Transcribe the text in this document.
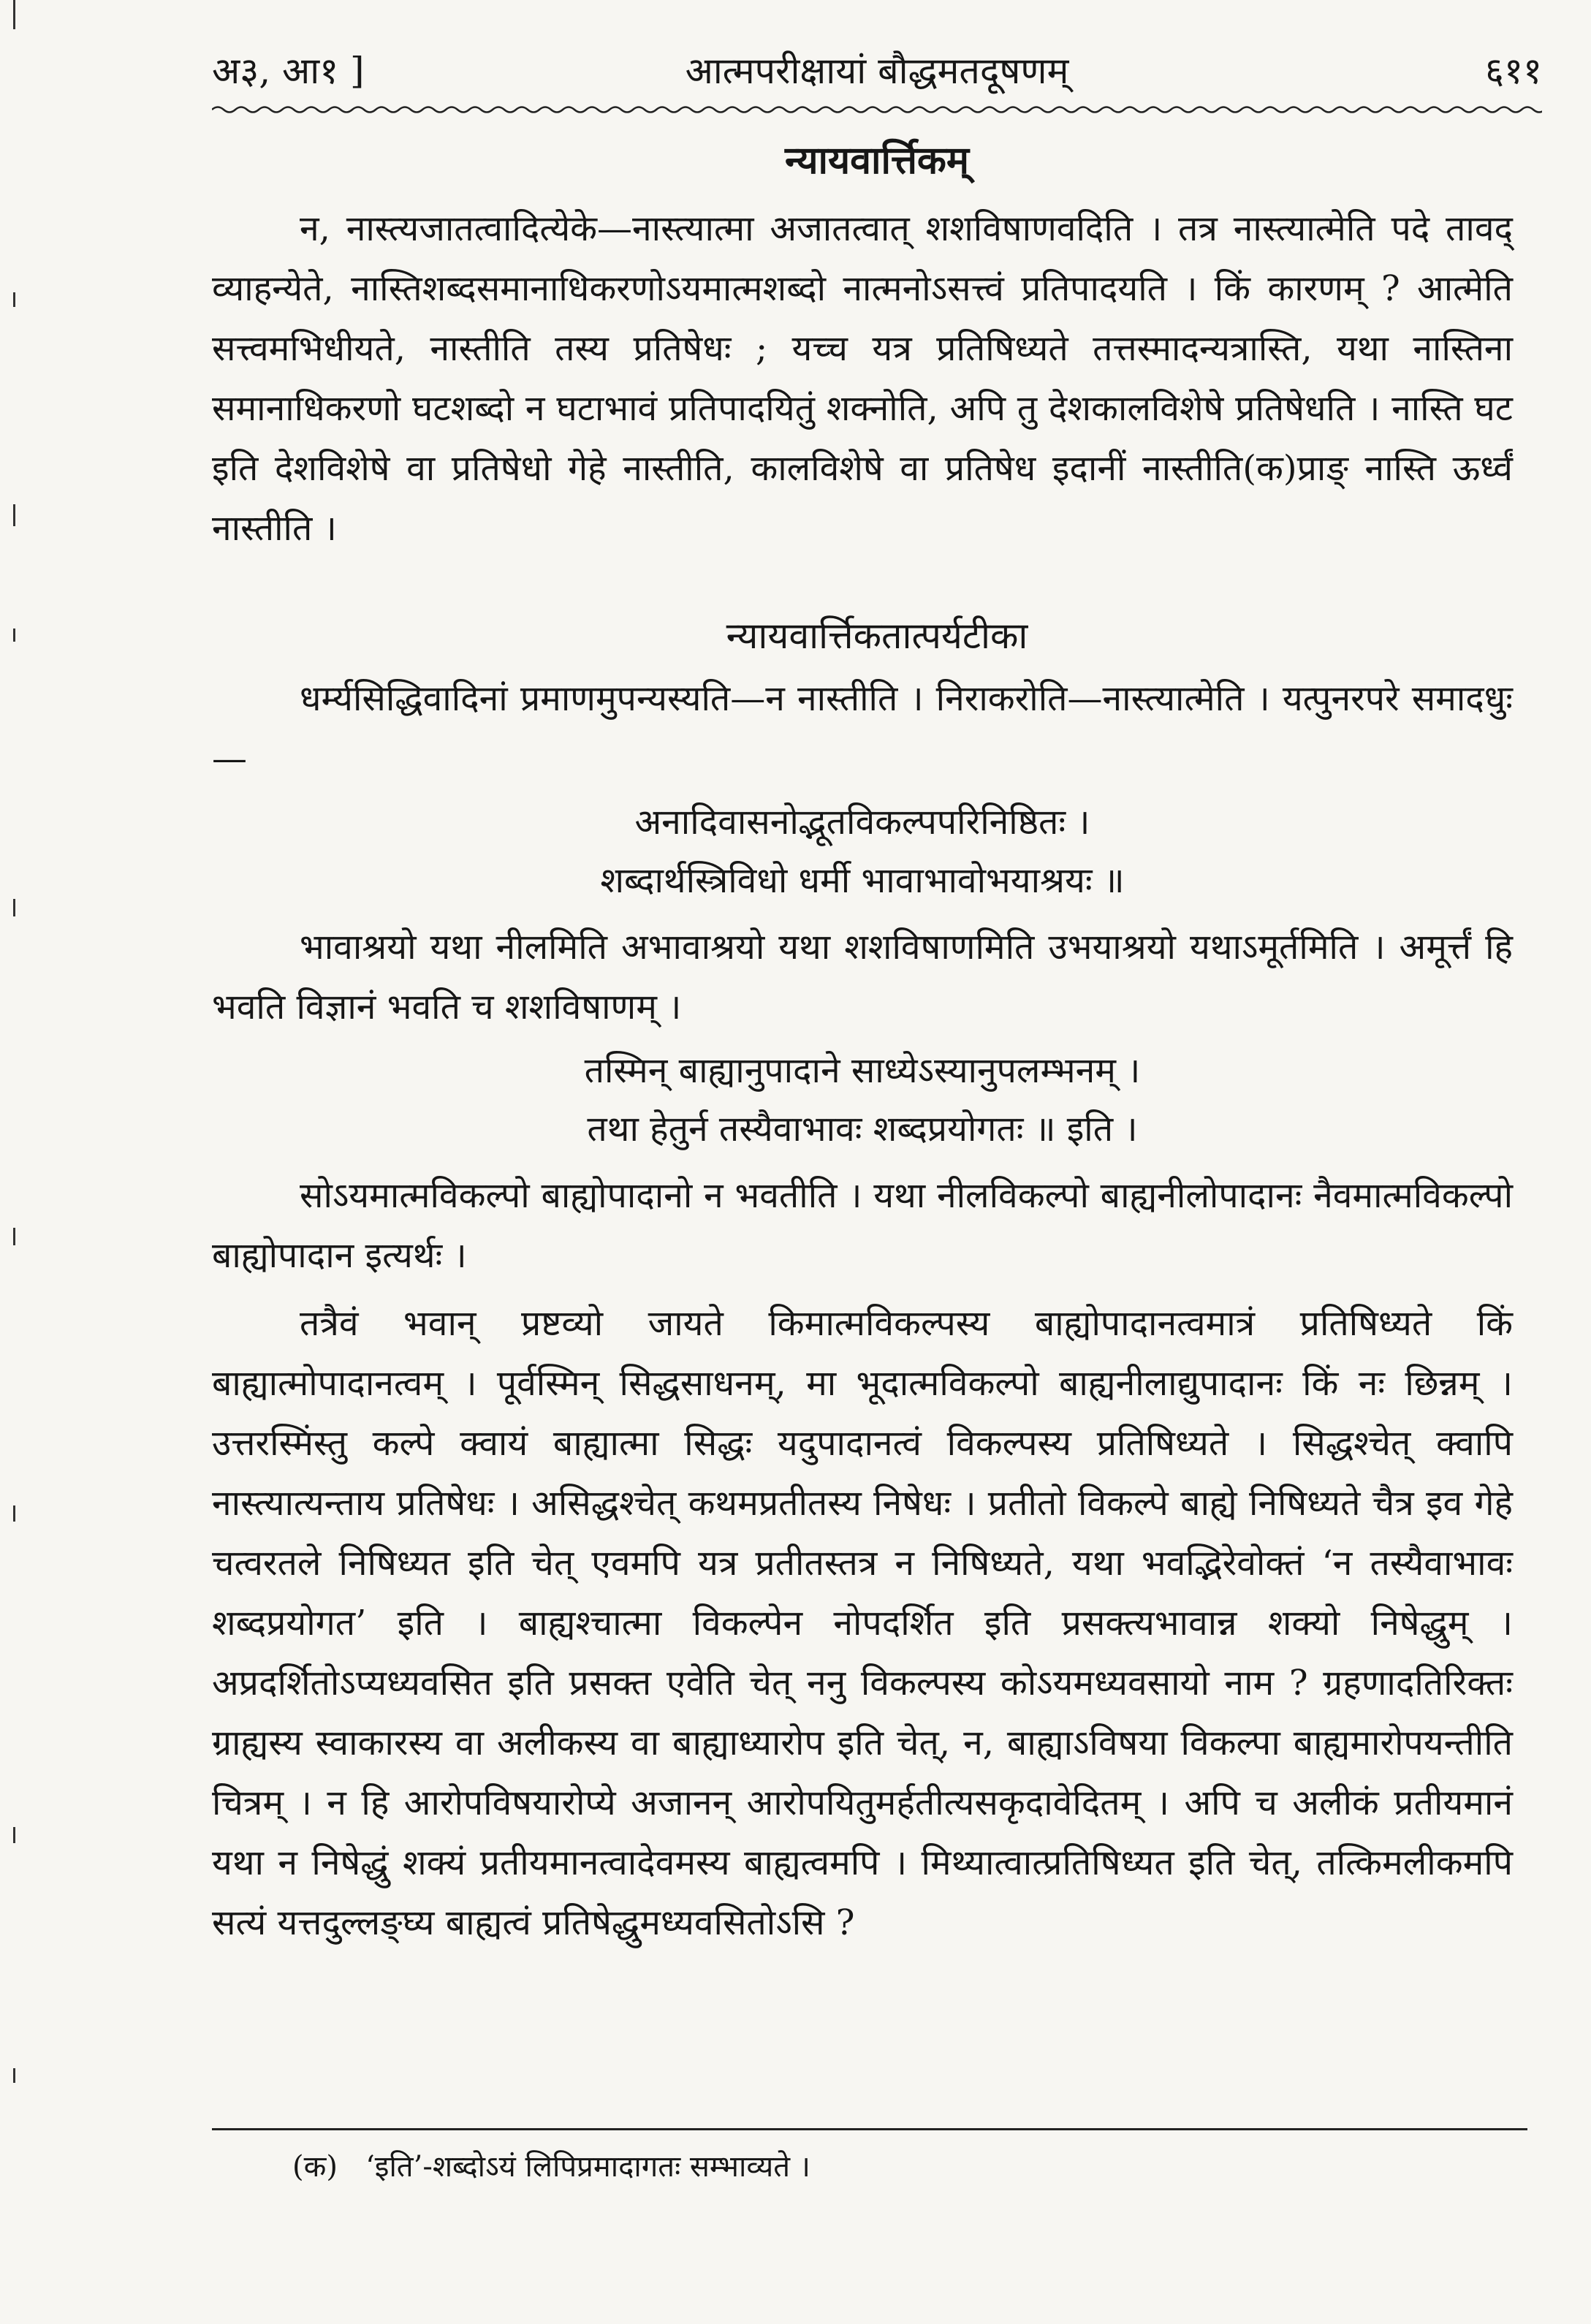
अ३, आ१ ]	आत्मपरीक्षायां बौद्धमतदूषणम्	६११
न्यायवार्त्तिकम्
न, नास्त्यजातत्वादित्येके—नास्त्यात्मा अजातत्वात् शशविषाणवदिति । तत्र नास्त्यात्मेति पदे तावद् व्याहन्येते, नास्तिशब्दसमानाधिकरणोऽयमात्मशब्दो नात्मनोऽसत्त्वं प्रतिपादयति । किं कारणम् ? आत्मेति सत्त्वमभिधीयते, नास्तीति तस्य प्रतिषेधः ; यच्च यत्र प्रतिषिध्यते तत्तस्मादन्यत्रास्ति, यथा नास्तिना समानाधिकरणो घटशब्दो न घटाभावं प्रतिपादयितुं शक्नोति, अपि तु देशकालविशेषे प्रतिषेधति । नास्ति घट इति देशविशेषे वा प्रतिषेधो गेहे नास्तीति, कालविशेषे वा प्रतिषेध इदानीं नास्तीति(क)प्राङ् नास्ति ऊर्ध्वं नास्तीति ।
न्यायवार्त्तिकतात्पर्यटीका
धर्म्यसिद्धिवादिनां प्रमाणमुपन्यस्यति—न नास्तीति । निराकरोति—नास्त्यात्मेति । यत्पुनरपरे समादधुः—
अनादिवासनोद्भूतविकल्पपरिनिष्ठितः ।
शब्दार्थस्त्रिविधो धर्मी भावाभावोभयाश्रयः ॥
भावाश्रयो यथा नीलमिति अभावाश्रयो यथा शशविषाणमिति उभयाश्रयो यथाऽमूर्तमिति । अमूर्त्तं हि भवति विज्ञानं भवति च शशविषाणम् ।
तस्मिन् बाह्यानुपादाने साध्येऽस्यानुपलम्भनम् ।
तथा हेतुर्न तस्यैवाभावः शब्दप्रयोगतः ॥ इति ।
सोऽयमात्मविकल्पो बाह्योपादानो न भवतीति । यथा नीलविकल्पो बाह्यनीलोपादानः नैवमात्मविकल्पो बाह्योपादान इत्यर्थः ।
तत्रैवं भवान् प्रष्टव्यो जायते किमात्मविकल्पस्य बाह्योपादानत्वमात्रं प्रतिषिध्यते किं बाह्यात्मोपादानत्वम् । पूर्वस्मिन् सिद्धसाधनम्, मा भूदात्मविकल्पो बाह्यनीलाद्युपादानः किं नः छिन्नम् । उत्तरस्मिंस्तु कल्पे क्वायं बाह्यात्मा सिद्धः यदुपादानत्वं विकल्पस्य प्रतिषिध्यते । सिद्धश्चेत् क्वापि नास्त्यात्यन्ताय प्रतिषेधः । असिद्धश्चेत् कथमप्रतीतस्य निषेधः । प्रतीतो विकल्पे बाह्ये निषिध्यते चैत्र इव गेहे चत्वरतले निषिध्यत इति चेत् एवमपि यत्र प्रतीतस्तत्र न निषिध्यते, यथा भवद्भिरेवोक्तं ‘न तस्यैवाभावः शब्दप्रयोगत’ इति । बाह्यश्चात्मा विकल्पेन नोपदर्शित इति प्रसक्त्यभावान्न शक्यो निषेद्धुम् । अप्रदर्शितोऽप्यध्यवसित इति प्रसक्त एवेति चेत् ननु विकल्पस्य कोऽयमध्यवसायो नाम ? ग्रहणादतिरिक्तः ग्राह्यस्य स्वाकारस्य वा अलीकस्य वा बाह्याध्यारोप इति चेत्, न, बाह्याऽविषया विकल्पा बाह्यमारोपयन्तीति चित्रम् । न हि आरोपविषयारोप्ये अजानन् आरोपयितुमर्हतीत्यसकृदावेदितम् । अपि च अलीकं प्रतीयमानं यथा न निषेद्धुं शक्यं प्रतीयमानत्वादेवमस्य बाह्यत्वमपि । मिथ्यात्वात्प्रतिषिध्यत इति चेत्, तत्किमलीकमपि सत्यं यत्तदुल्लङ्घ्य बाह्यत्वं प्रतिषेद्धुमध्यवसितोऽसि ?
(क) ‘इति’-शब्दोऽयं लिपिप्रमादागतः सम्भाव्यते ।
